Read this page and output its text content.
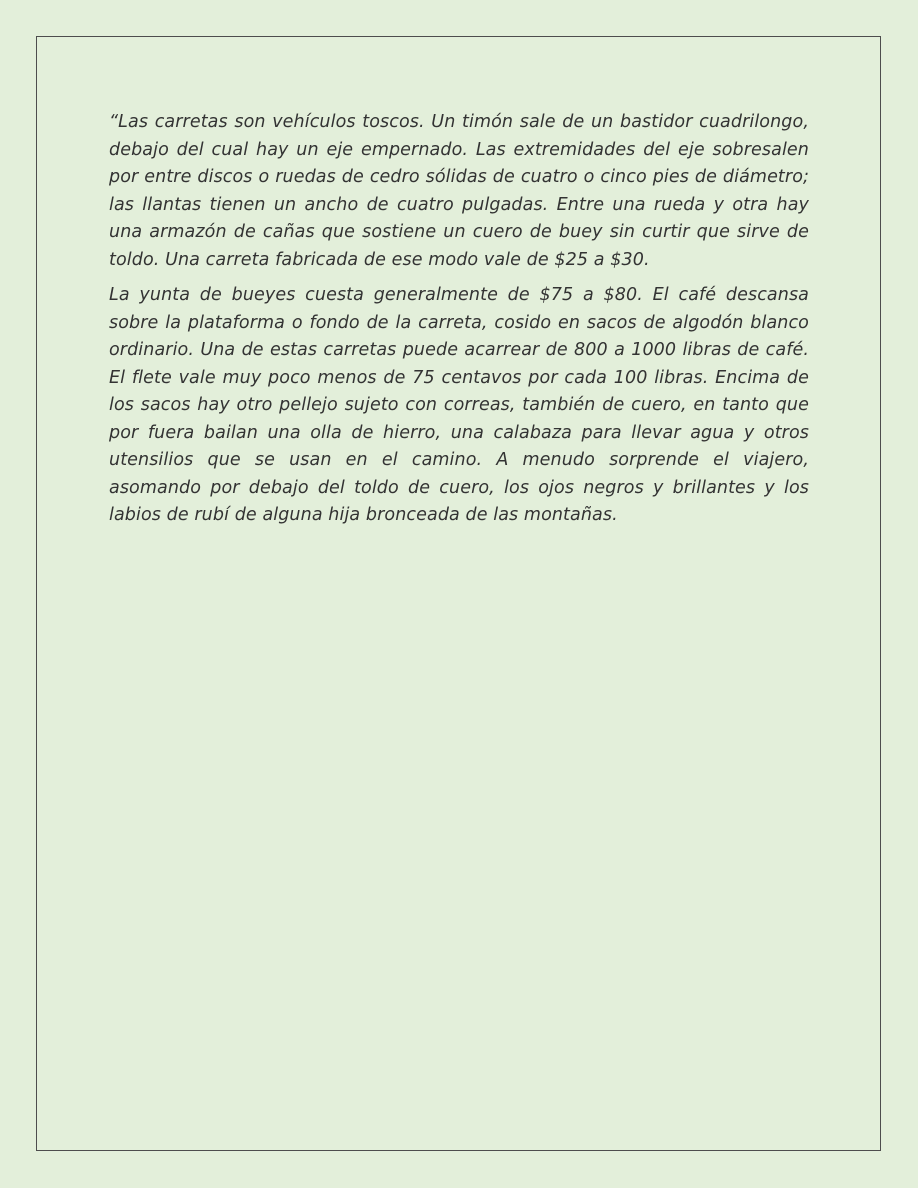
“Las carretas son vehículos toscos. Un timón sale de un bastidor cuadrilongo, debajo del cual hay un eje empernado. Las extremidades del eje sobresalen por entre discos o ruedas de cedro sólidas de cuatro o cinco pies de diámetro; las llantas tienen un ancho de cuatro pulgadas. Entre una rueda y otra hay una armazón de cañas que sostiene un cuero de buey sin curtir que sirve de toldo. Una carreta fabricada de ese modo vale de $25 a $30.

La yunta de bueyes cuesta generalmente de $75 a $80. El café descansa sobre la plataforma o fondo de la carreta, cosido en sacos de algodón blanco ordinario. Una de estas carretas puede acarrear de 800 a 1000 libras de café. El flete vale muy poco menos de 75 centavos por cada 100 libras. Encima de los sacos hay otro pellejo sujeto con correas, también de cuero, en tanto que por fuera bailan una olla de hierro, una calabaza para llevar agua y otros utensilios que se usan en el camino. A menudo sorprende el viajero, asomando por debajo del toldo de cuero, los ojos negros y brillantes y los labios de rubí de alguna hija bronceada de las montañas.
